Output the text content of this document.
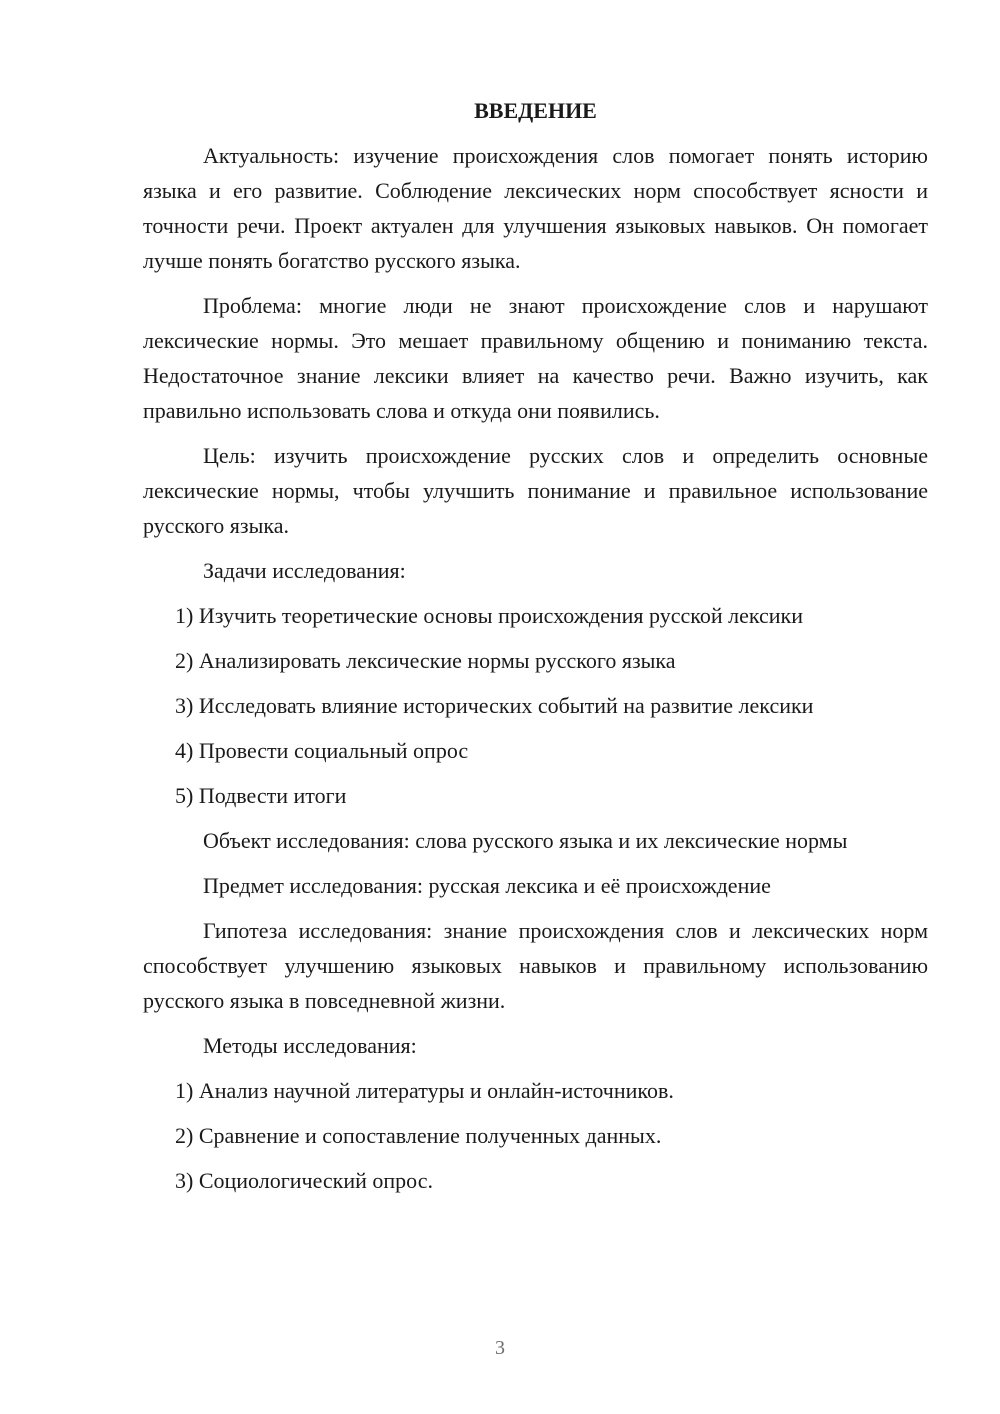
ВВЕДЕНИЕ

Актуальность: изучение происхождения слов помогает понять историю языка и его развитие. Соблюдение лексических норм способствует ясности и точности речи. Проект актуален для улучшения языковых навыков. Он помогает лучше понять богатство русского языка.

Проблема: многие люди не знают происхождение слов и нарушают лексические нормы. Это мешает правильному общению и пониманию текста. Недостаточное знание лексики влияет на качество речи. Важно изучить, как правильно использовать слова и откуда они появились.

Цель: изучить происхождение русских слов и определить основные лексические нормы, чтобы улучшить понимание и правильное использование русского языка.

Задачи исследования:

1) Изучить теоретические основы происхождения русской лексики
2) Анализировать лексические нормы русского языка
3) Исследовать влияние исторических событий на развитие лексики
4) Провести социальный опрос
5) Подвести итоги

Объект исследования: слова русского языка и их лексические нормы

Предмет исследования: русская лексика и её происхождение

Гипотеза исследования: знание происхождения слов и лексических норм способствует улучшению языковых навыков и правильному использованию русского языка в повседневной жизни.

Методы исследования:

1) Анализ научной литературы и онлайн-источников.
2) Сравнение и сопоставление полученных данных.
3) Социологический опрос.
3
